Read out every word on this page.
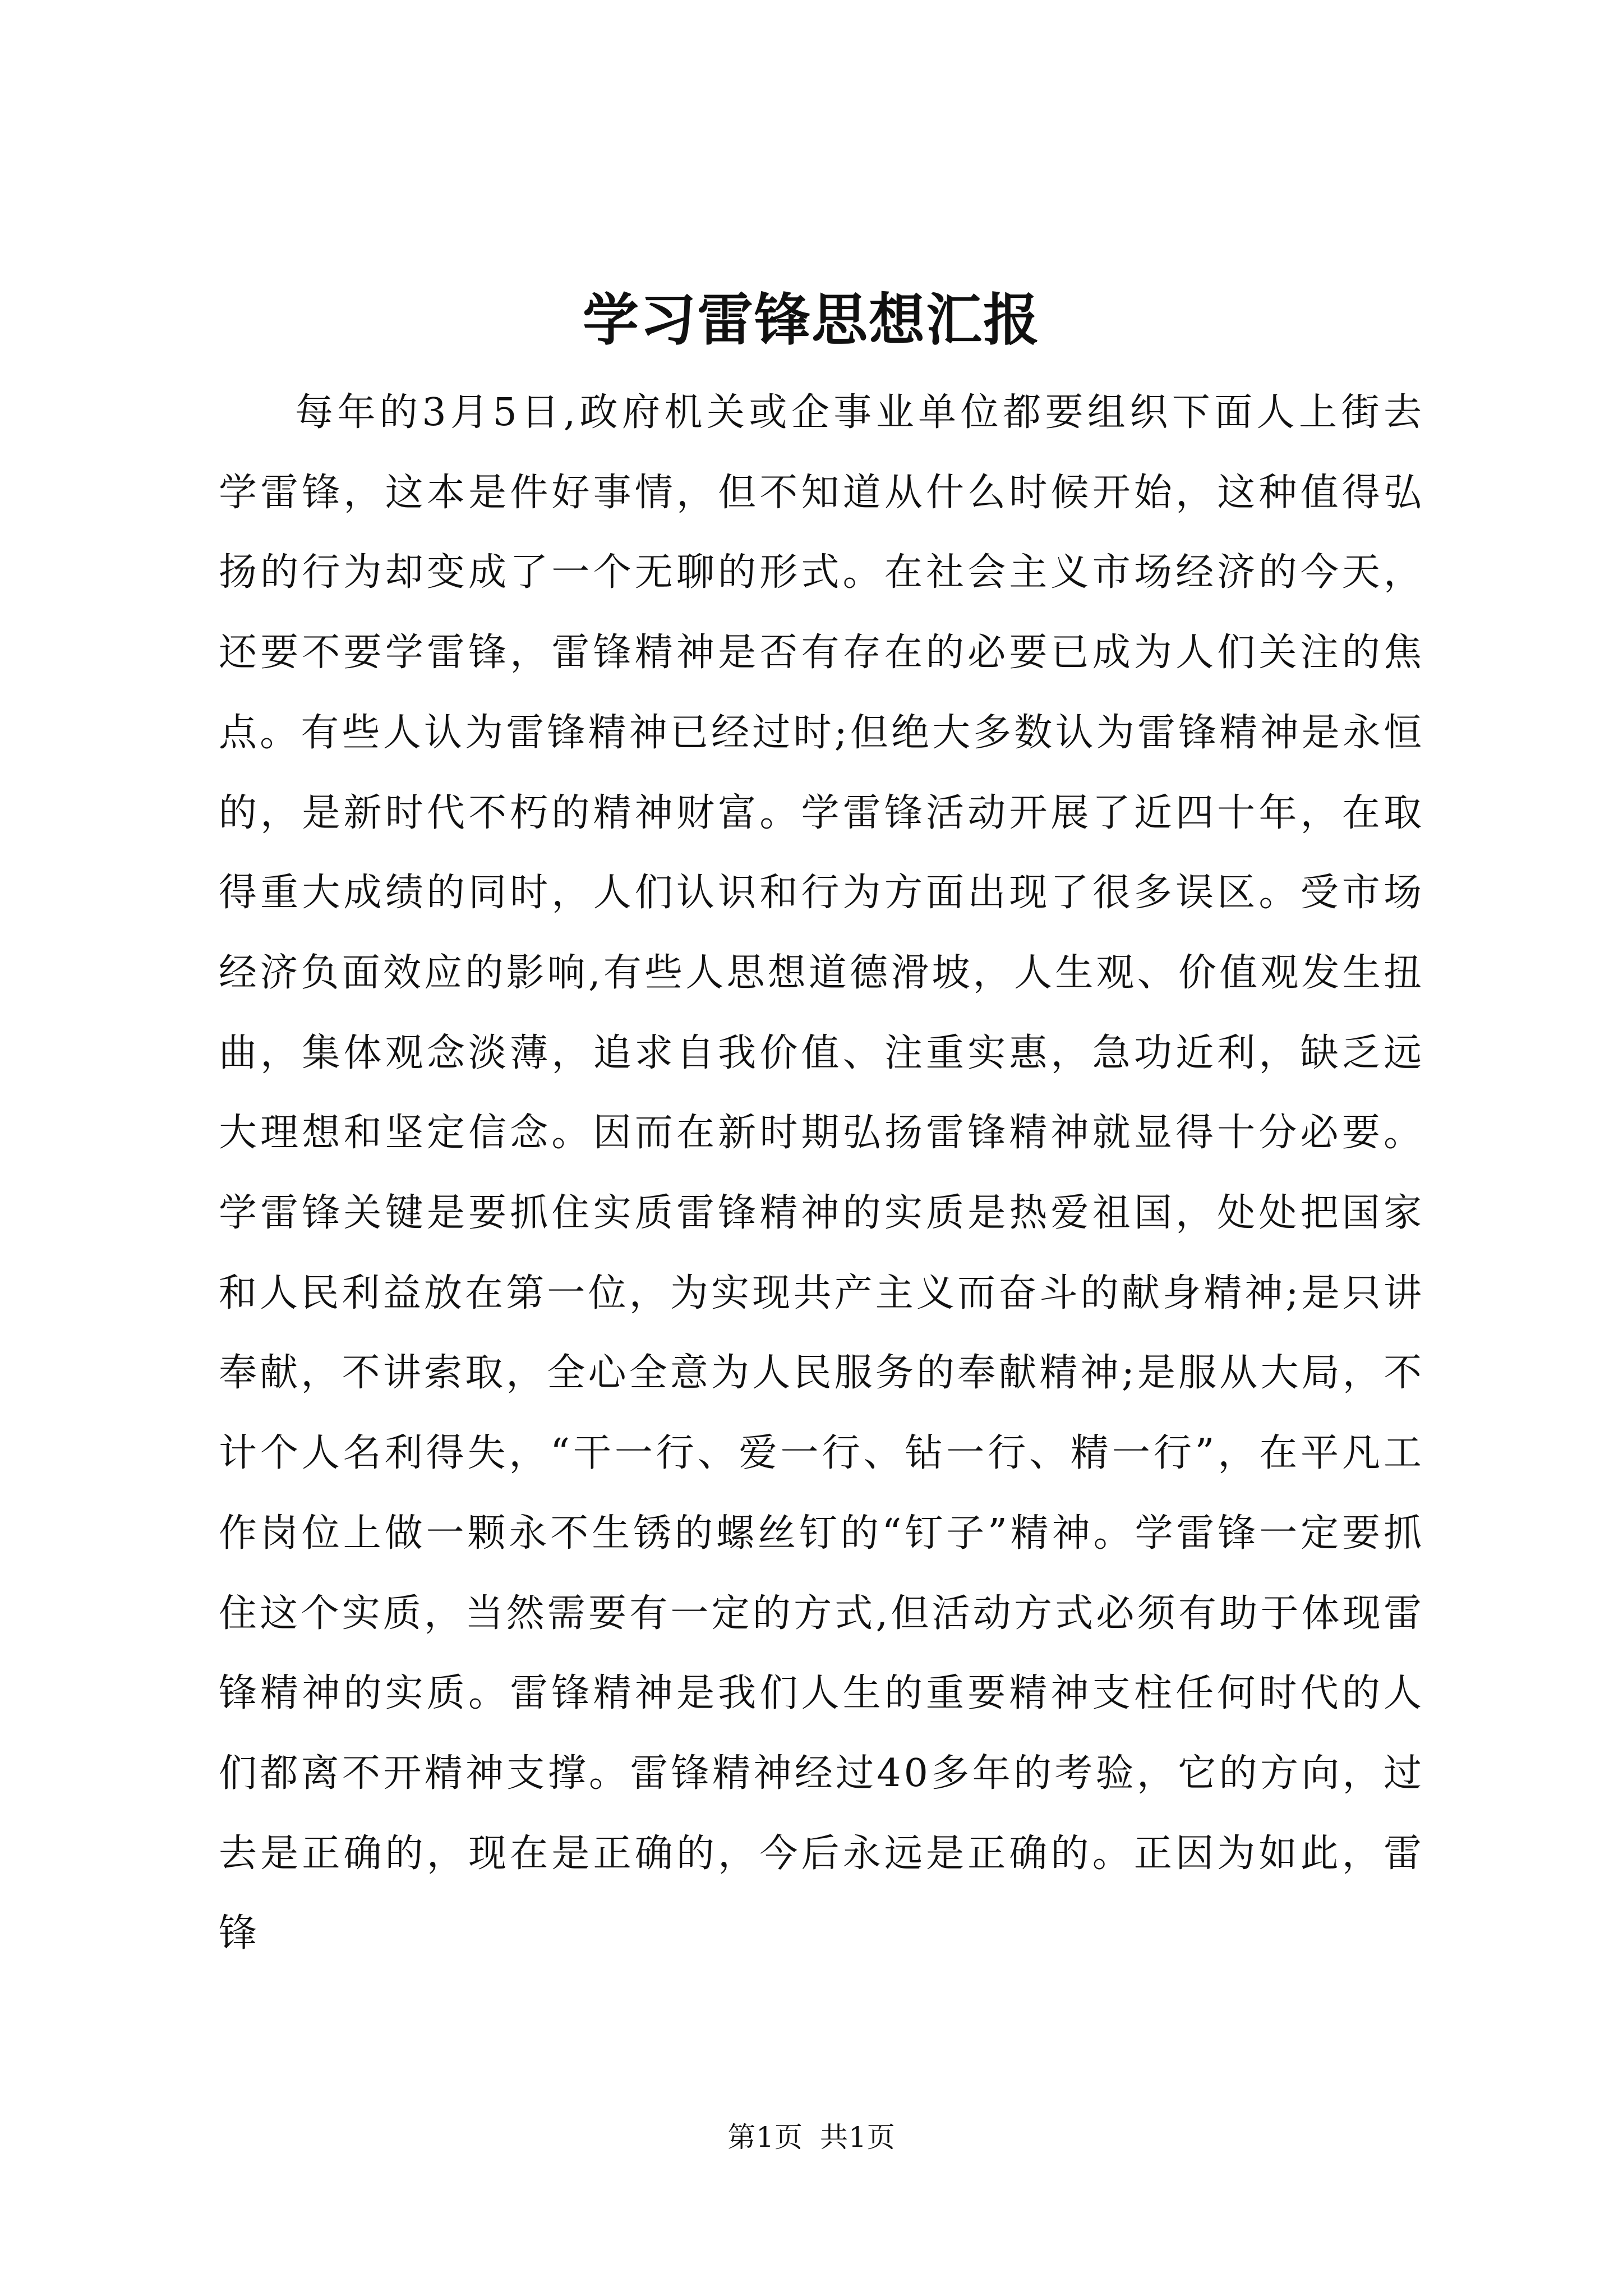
学习雷锋思想汇报

每年的3月5日,政府机关或企事业单位都要组织下面人上街去学雷锋，这本是件好事情，但不知道从什么时候开始，这种值得弘扬的行为却变成了一个无聊的形式。在社会主义市场经济的今天，还要不要学雷锋，雷锋精神是否有存在的必要已成为人们关注的焦点。有些人认为雷锋精神已经过时;但绝大多数认为雷锋精神是永恒的，是新时代不朽的精神财富。学雷锋活动开展了近四十年，在取得重大成绩的同时，人们认识和行为方面出现了很多误区。受市场经济负面效应的影响,有些人思想道德滑坡，人生观、价值观发生扭曲，集体观念淡薄，追求自我价值、注重实惠，急功近利，缺乏远大理想和坚定信念。因而在新时期弘扬雷锋精神就显得十分必要。学雷锋关键是要抓住实质雷锋精神的实质是热爱祖国，处处把国家和人民利益放在第一位，为实现共产主义而奋斗的献身精神;是只讲奉献，不讲索取，全心全意为人民服务的奉献精神;是服从大局，不计个人名利得失，“干一行、爱一行、钻一行、精一行”，在平凡工作岗位上做一颗永不生锈的螺丝钉的“钉子”精神。学雷锋一定要抓住这个实质，当然需要有一定的方式,但活动方式必须有助于体现雷锋精神的实质。雷锋精神是我们人生的重要精神支柱任何时代的人们都离不开精神支撑。雷锋精神经过40多年的考验，它的方向，过去是正确的，现在是正确的，今后永远是正确的。正因为如此，雷锋

第1页 共1页
